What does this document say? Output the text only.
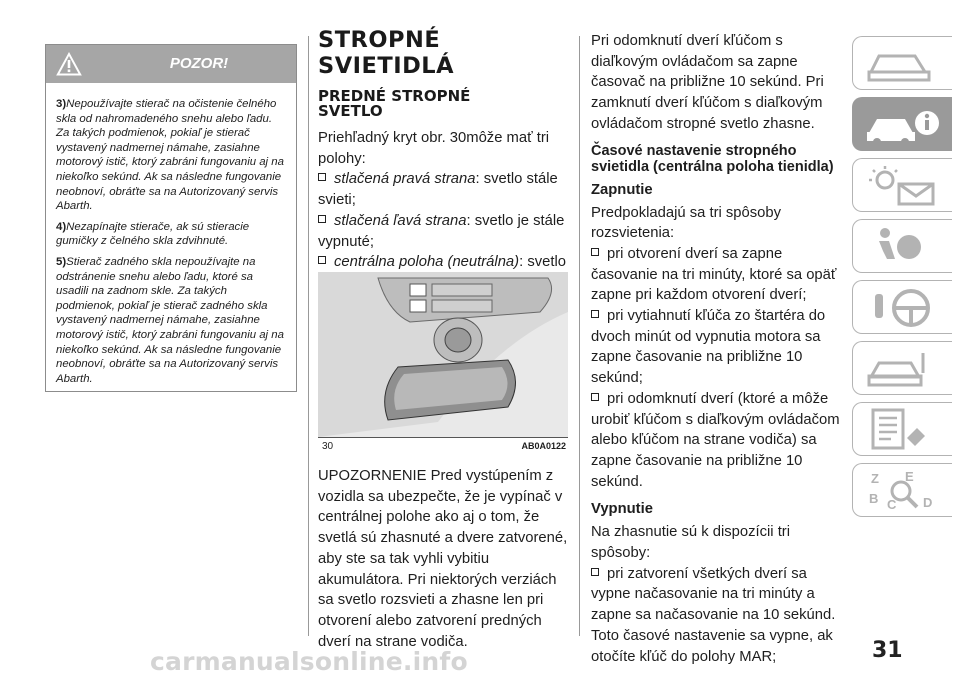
POZOR!

3)Nepoužívajte stierač na očistenie čelného skla od nahromadeného snehu alebo ľadu. Za takých podmienok, pokiaľ je stierač vystavený nadmernej námahe, zasiahne motorový istič, ktorý zabráni fungovaniu aj na niekoľko sekúnd. Ak sa následne fungovanie neobnoví, obráťte sa na Autorizovaný servis Abarth.

4)Nezapínajte stierače, ak sú stieracie gumičky z čelného skla zdvihnuté.

5)Stierač zadného skla nepoužívajte na odstránenie snehu alebo ľadu, ktoré sa usadili na zadnom skle. Za takých podmienok, pokiaľ je stierač zadného skla vystavený nadmernej námahe, zasiahne motorový istič, ktorý zabráni fungovaniu aj na niekoľko sekúnd. Ak sa následne fungovanie neobnoví, obráťte sa na Autorizovaný servis Abarth.

STROPNÉ SVIETIDLÁ
PREDNÉ STROPNÉ
SVETLO

Priehľadný kryt obr. 30môže mať tri polohy:

stlačená pravá strana: svetlo stále svieti;
stlačená ľavá strana: svetlo je stále vypnuté;
centrálna poloha (neutrálna): svetlo
30	AB0A0122

UPOZORNENIE Pred vystúpením z vozidla sa ubezpečte, že je vypínač v centrálnej polohe ako aj o tom, že svetlá sú zhasnuté a dvere zatvorené, aby ste sa tak vyhli vybitiu akumulátora. Pri niektorých verziách sa svetlo rozsvieti a zhasne len pri otvorení alebo zatvorení predných dverí na strane vodiča.

Pri odomknutí dverí kľúčom s diaľkovým ovládačom sa zapne časovač na približne 10 sekúnd. Pri zamknutí dverí kľúčom s diaľkovým ovládačom stropné svetlo zhasne.

Časové nastavenie stropného svietidla (centrálna poloha tienidla)
Zapnutie

Predpokladajú sa tri spôsoby rozsvietenia:

pri otvorení dverí sa zapne časovanie na tri minúty, ktoré sa opäť zapne pri každom otvorení dverí;
pri vytiahnutí kľúča zo štartéra do dvoch minút od vypnutia motora sa zapne časovanie na približne 10 sekúnd;
pri odomknutí dverí (ktoré a môže urobiť kľúčom s diaľkovým ovládačom alebo kľúčom na strane vodiča) sa zapne časovanie na približne 10 sekúnd.
Vypnutie

Na zhasnutie sú k dispozícii tri spôsoby:

pri zatvorení všetkých dverí sa vypne načasovanie na tri minúty a zapne sa načasovanie na 10 sekúnd. Toto časové nastavenie sa vypne, ak otočíte kľúč do polohy MAR;
Z E
B C D
31
carmanualsonline.info
